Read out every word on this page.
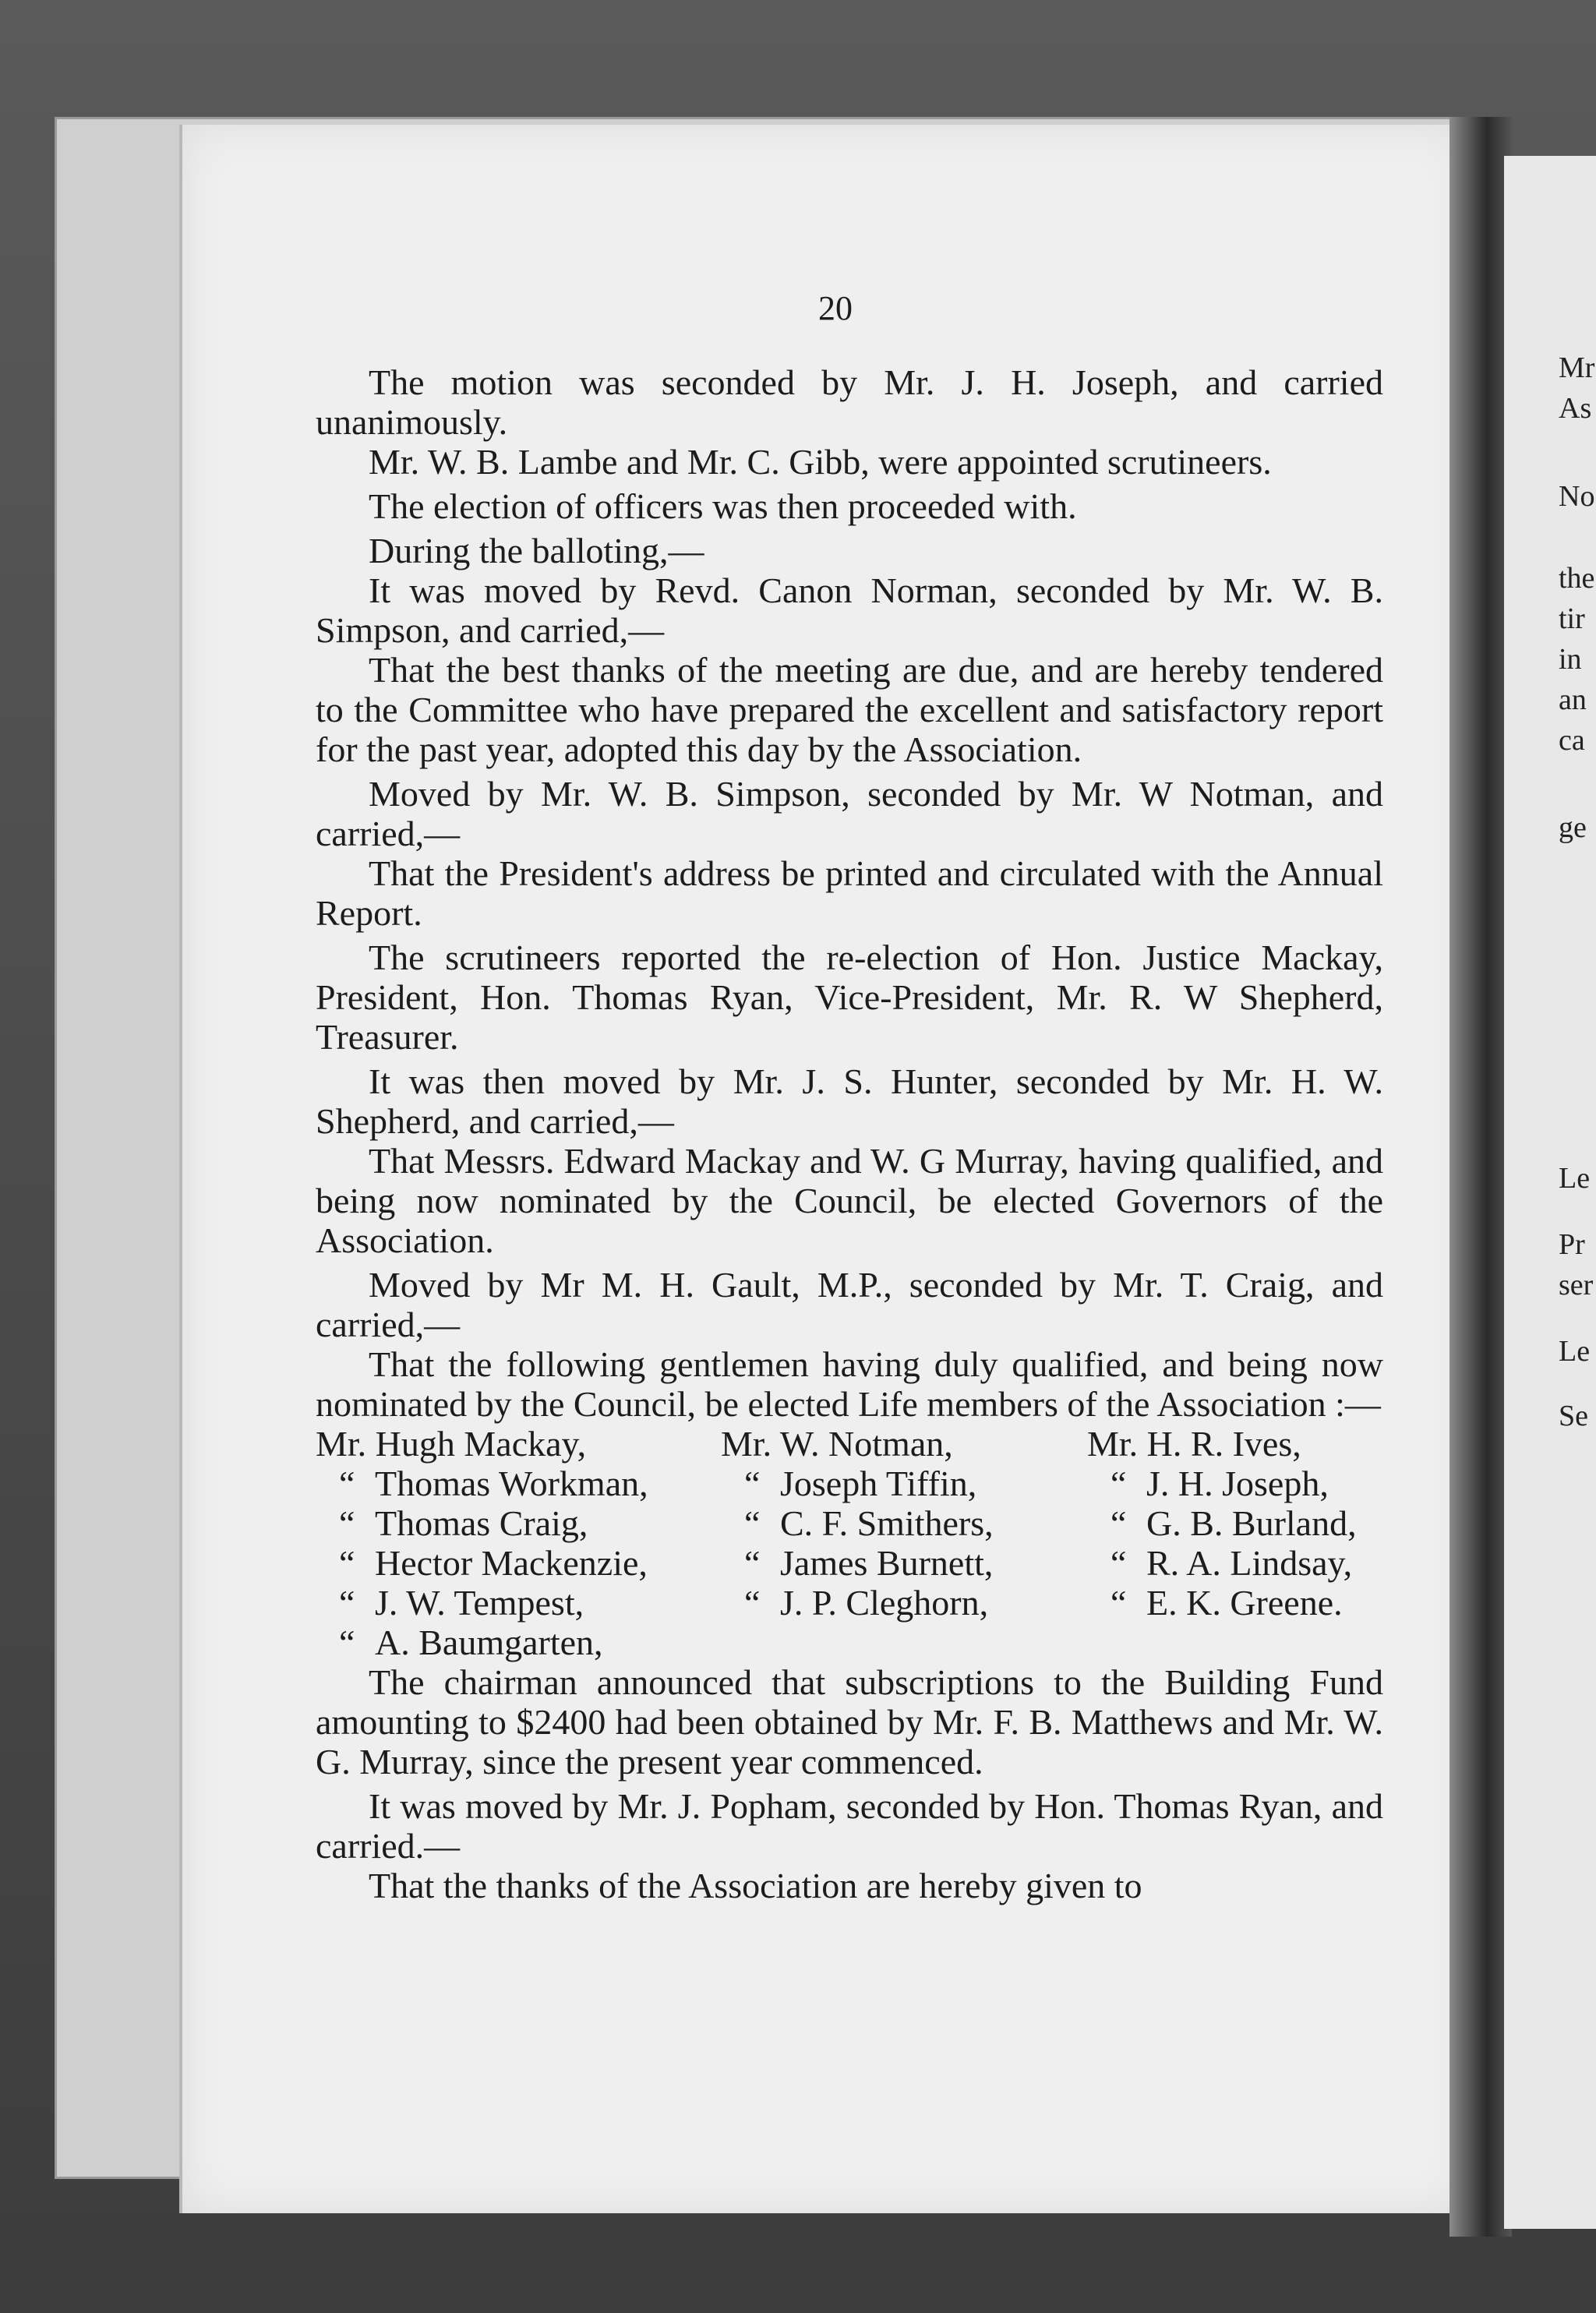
Mr
As
No
the
tir
in
an
ca
ge
Le
Pr
ser
Le
Se
20

The motion was seconded by Mr. J. H. Joseph, and carried unanimously.

Mr. W. B. Lambe and Mr. C. Gibb, were appointed scrutineers.

The election of officers was then proceeded with.

During the balloting,—

It was moved by Revd. Canon Norman, seconded by Mr. W. B. Simpson, and carried,—

That the best thanks of the meeting are due, and are hereby tendered to the Committee who have prepared the excellent and satisfactory report for the past year, adopted this day by the Association.

Moved by Mr. W. B. Simpson, seconded by Mr. W Notman, and carried,—

That the President's address be printed and circulated with the Annual Report.

The scrutineers reported the re-election of Hon. Justice Mackay, President, Hon. Thomas Ryan, Vice-President, Mr. R. W Shepherd, Treasurer.

It was then moved by Mr. J. S. Hunter, seconded by Mr. H. W. Shepherd, and carried,—

That Messrs. Edward Mackay and W. G Murray, having qualified, and being now nominated by the Council, be elected Governors of the Association.

Moved by Mr M. H. Gault, M.P., seconded by Mr. T. Craig, and carried,—

That the following gentlemen having duly qualified, and being now nominated by the Council, be elected Life members of the Association :—

Mr. Hugh Mackay,	Mr. W. Notman,	Mr. H. R. Ives,
“ Thomas Workman,	“ Joseph Tiffin,	“ J. H. Joseph,
“ Thomas Craig,	“ C. F. Smithers,	“ G. B. Burland,
“ Hector Mackenzie,	“ James Burnett,	“ R. A. Lindsay,
“ J. W. Tempest,	“ J. P. Cleghorn,	“ E. K. Greene.
“ A. Baumgarten,

The chairman announced that subscriptions to the Building Fund amounting to $2400 had been obtained by Mr. F. B. Matthews and Mr. W. G. Murray, since the present year commenced.

It was moved by Mr. J. Popham, seconded by Hon. Thomas Ryan, and carried.—

That the thanks of the Association are hereby given to
